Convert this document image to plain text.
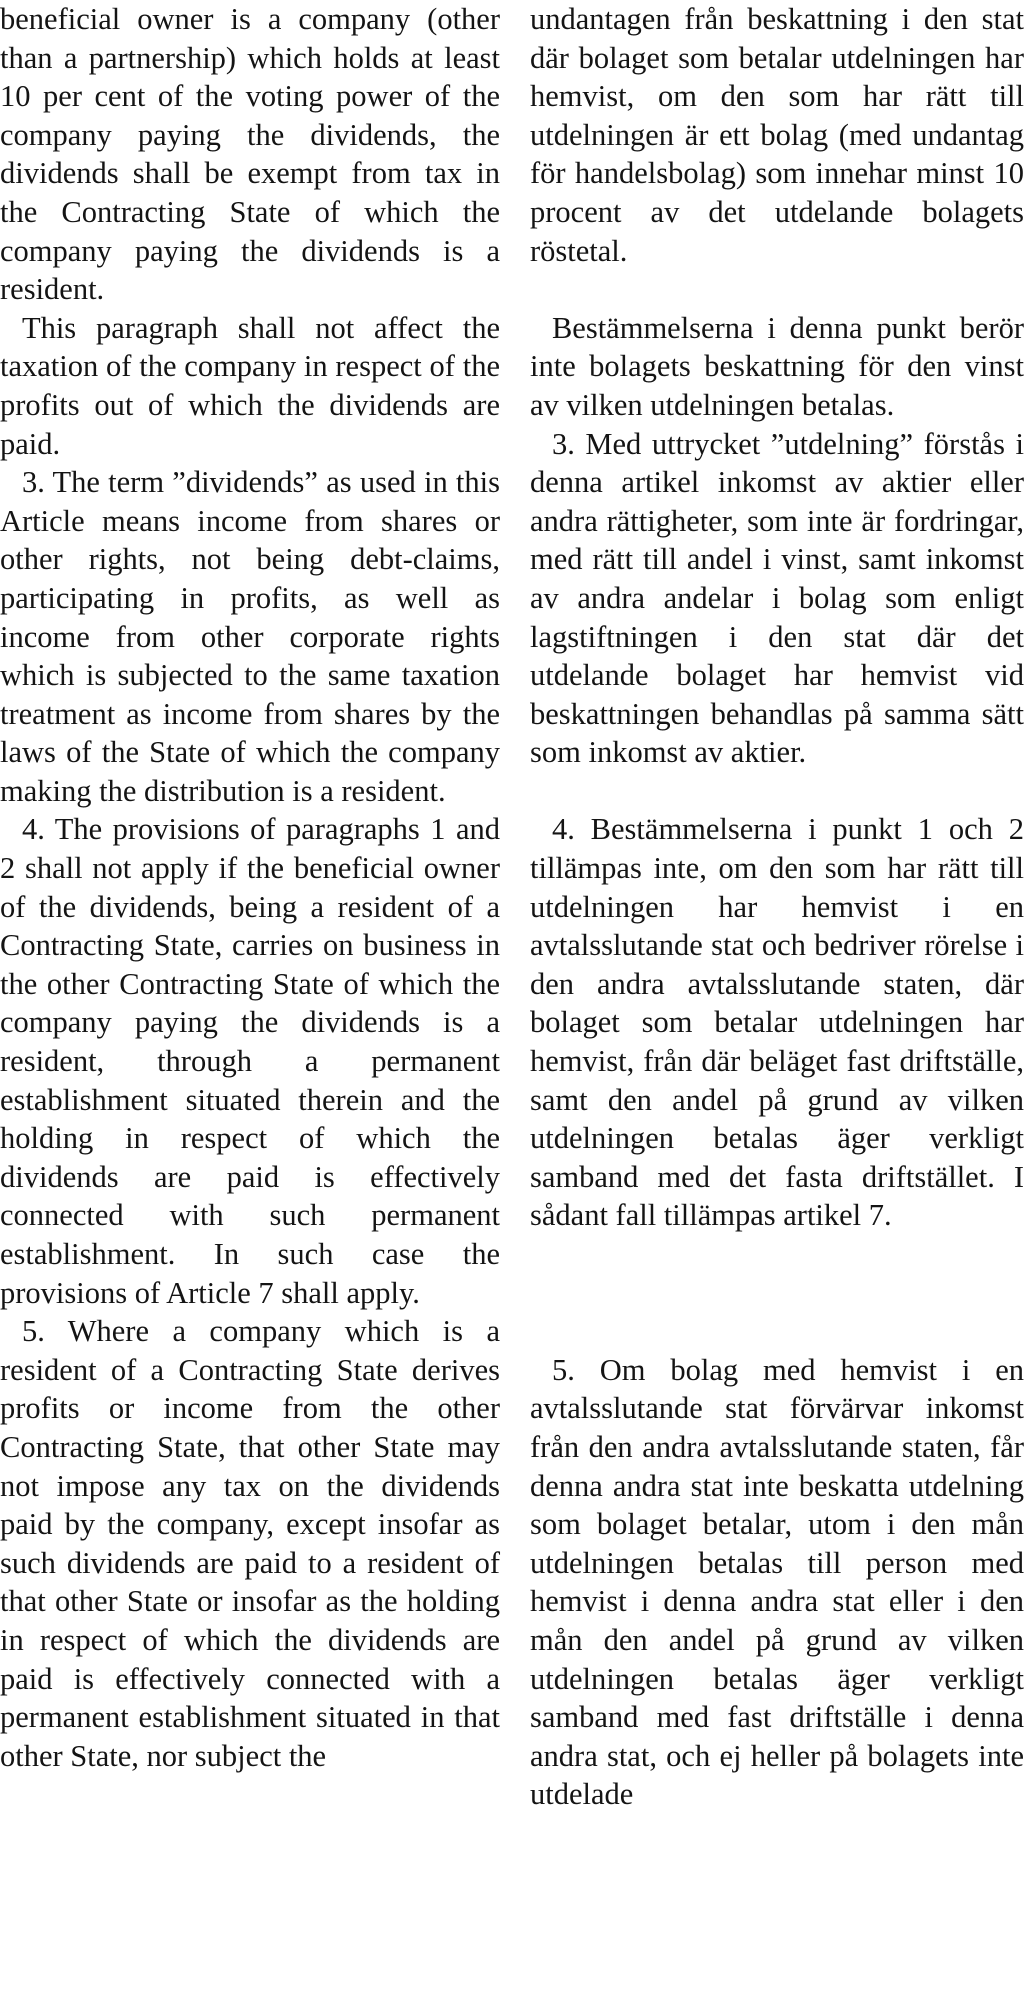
beneficial owner is a company (other than a partnership) which holds at least 10 per cent of the voting power of the company paying the dividends, the dividends shall be exempt from tax in the Contracting State of which the company paying the dividends is a resident.

This paragraph shall not affect the taxation of the company in respect of the profits out of which the dividends are paid.

3. The term ”dividends” as used in this Article means income from shares or other rights, not being debt-claims, participating in profits, as well as income from other corporate rights which is subjected to the same taxation treatment as income from shares by the laws of the State of which the company making the distribution is a resident.

4. The provisions of paragraphs 1 and 2 shall not apply if the beneficial owner of the dividends, being a resident of a Contracting State, carries on business in the other Contracting State of which the company paying the dividends is a resident, through a permanent establishment situated therein and the holding in respect of which the dividends are paid is effectively connected with such permanent establishment. In such case the provisions of Article 7 shall apply.

5. Where a company which is a resident of a Contracting State derives profits or income from the other Contracting State, that other State may not impose any tax on the dividends paid by the company, except insofar as such dividends are paid to a resident of that other State or insofar as the holding in respect of which the dividends are paid is effectively connected with a permanent establishment situated in that other State, nor subject the

undantagen från beskattning i den stat där bolaget som betalar utdelningen har hemvist, om den som har rätt till utdelningen är ett bolag (med undantag för handelsbolag) som innehar minst 10 procent av det utdelande bolagets röstetal.

Bestämmelserna i denna punkt berör inte bolagets beskattning för den vinst av vilken utdelningen betalas.

3. Med uttrycket ”utdelning” förstås i denna artikel inkomst av aktier eller andra rättigheter, som inte är fordringar, med rätt till andel i vinst, samt inkomst av andra andelar i bolag som enligt lagstiftningen i den stat där det utdelande bolaget har hemvist vid beskattningen behandlas på samma sätt som inkomst av aktier.

4. Bestämmelserna i punkt 1 och 2 tillämpas inte, om den som har rätt till utdelningen har hemvist i en avtalsslutande stat och bedriver rörelse i den andra avtalsslutande staten, där bolaget som betalar utdelningen har hemvist, från där beläget fast driftställe, samt den andel på grund av vilken utdelningen betalas äger verkligt samband med det fasta driftstället. I sådant fall tillämpas artikel 7.

5. Om bolag med hemvist i en avtalsslutande stat förvärvar inkomst från den andra avtalsslutande staten, får denna andra stat inte beskatta utdelning som bolaget betalar, utom i den mån utdelningen betalas till person med hemvist i denna andra stat eller i den mån den andel på grund av vilken utdelningen betalas äger verkligt samband med fast driftställe i denna andra stat, och ej heller på bolagets inte utdelade
